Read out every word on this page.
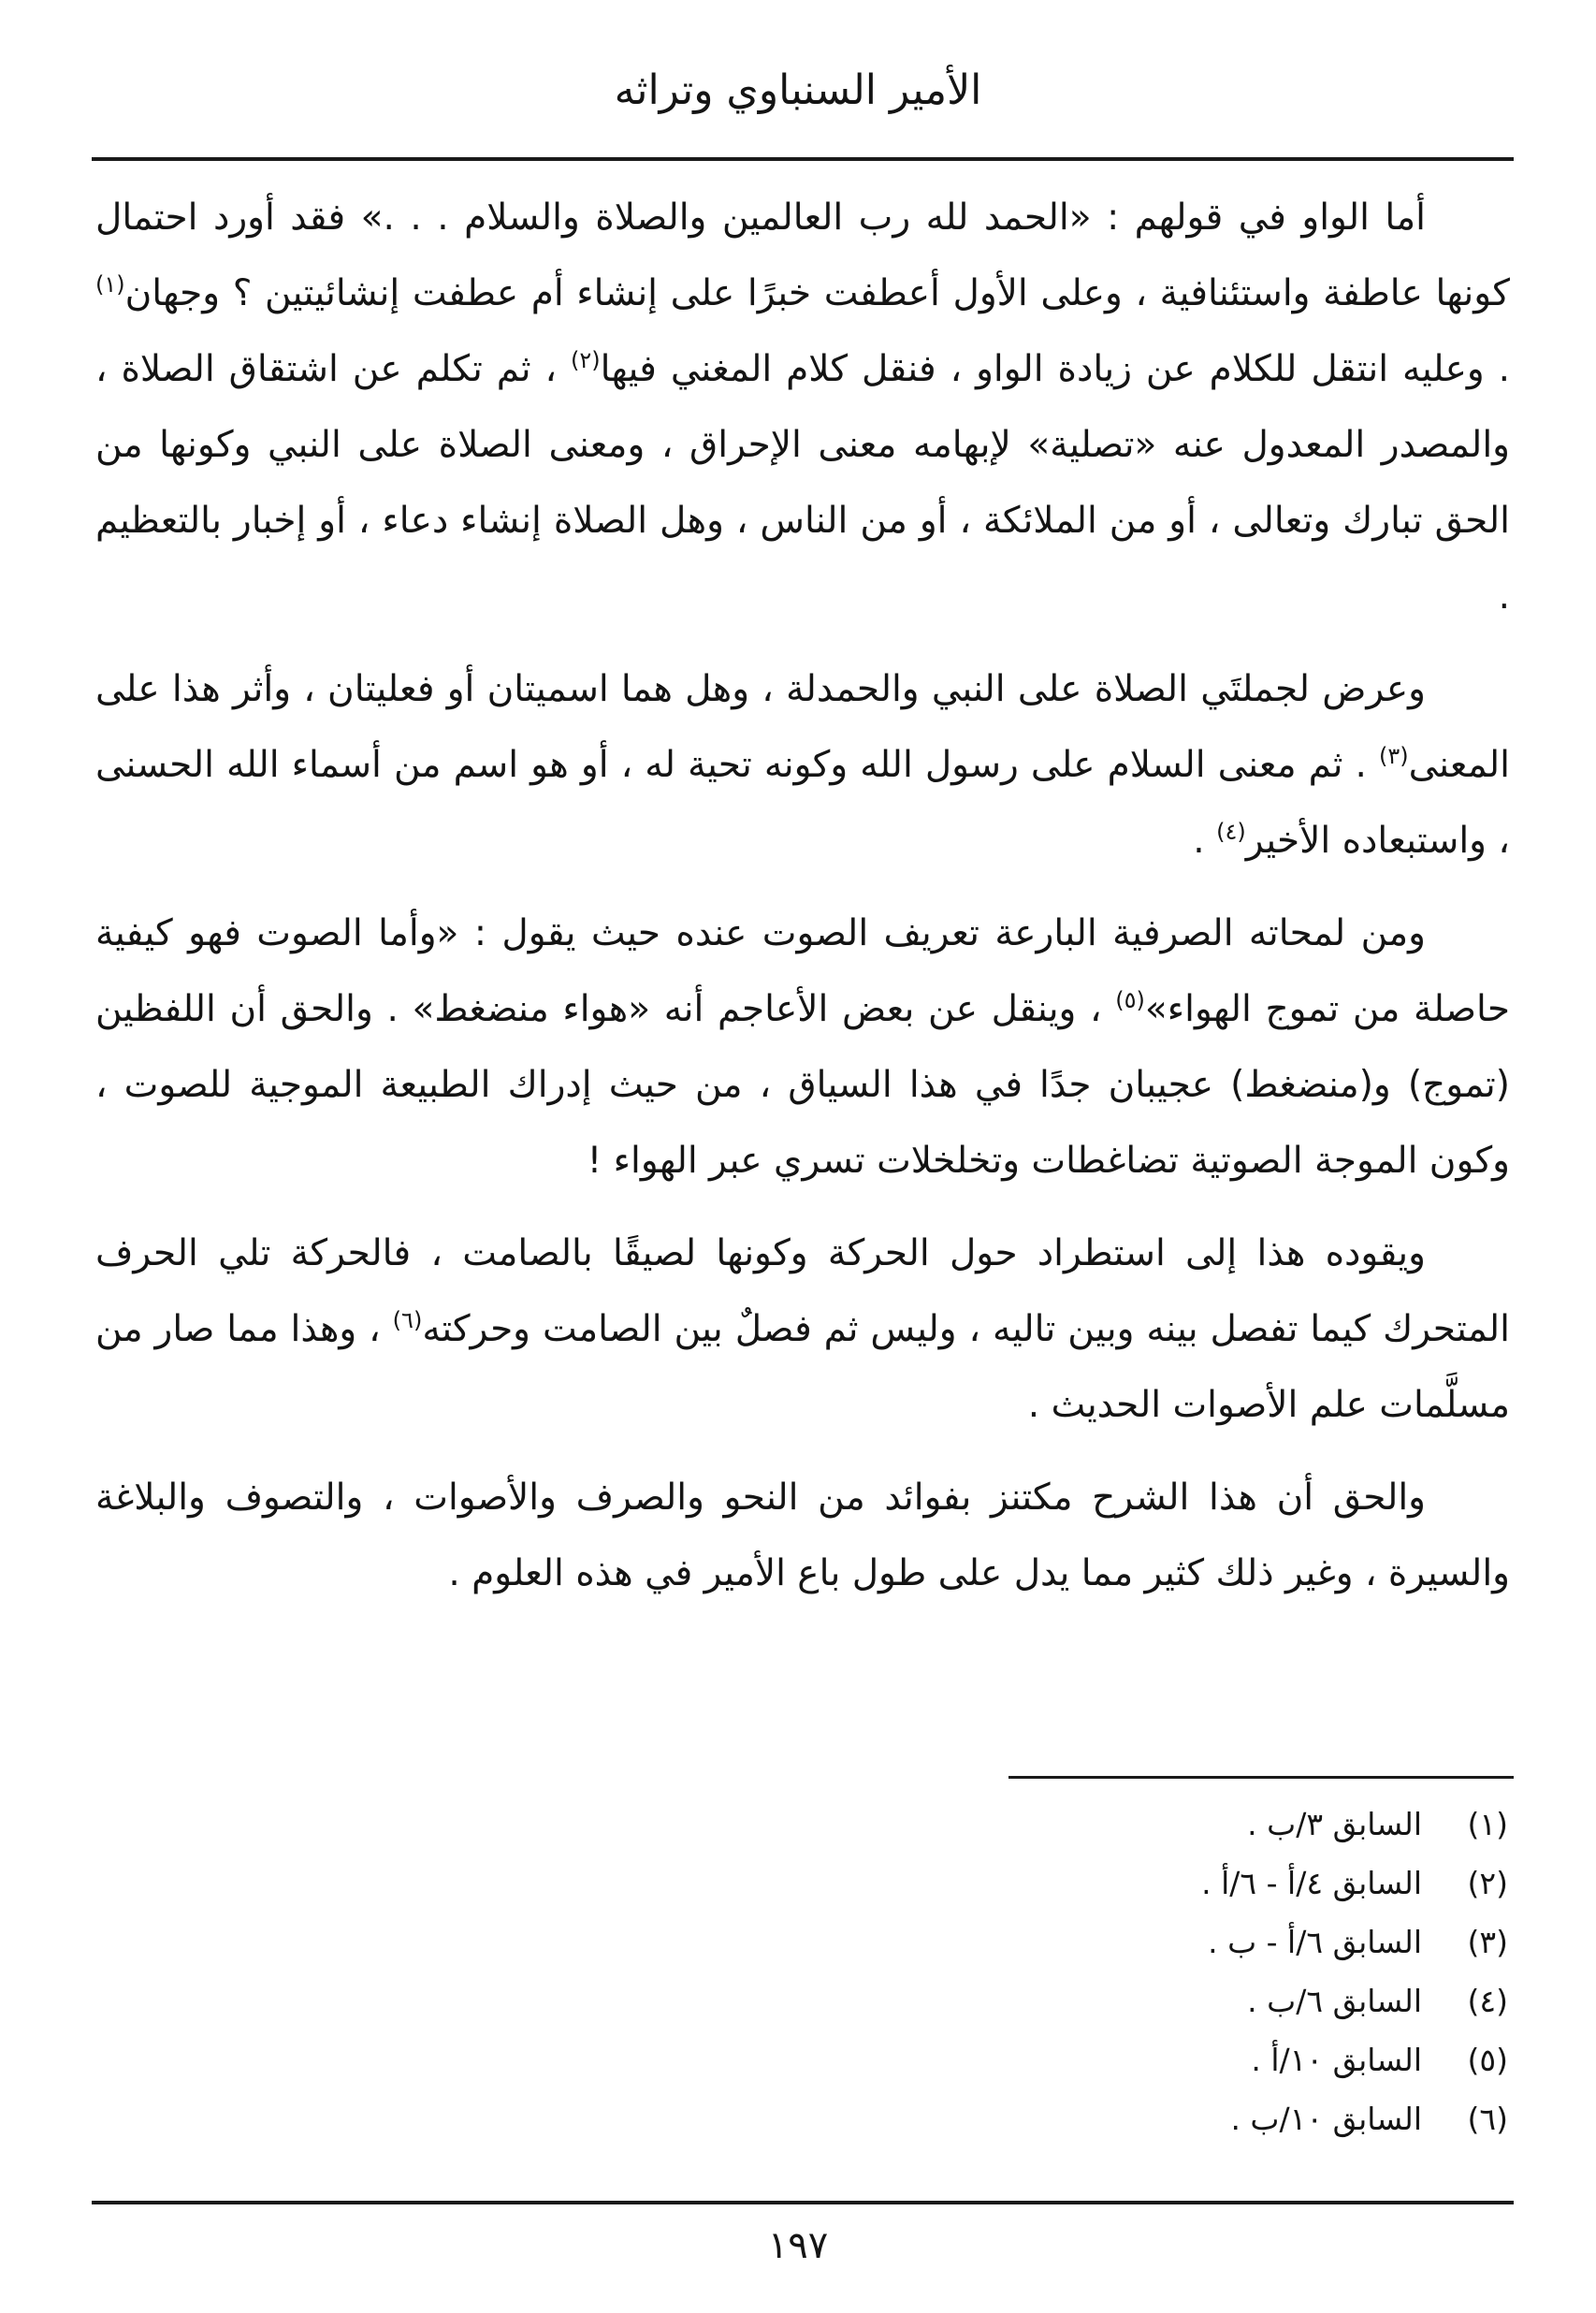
الأمير السنباوي وتراثه

أما الواو في قولهم : «الحمد لله رب العالمين والصلاة والسلام . . .» فقد أورد احتمال كونها عاطفة واستئنافية ، وعلى الأول أعطفت خبرًا على إنشاء أم عطفت إنشائيتين ؟ وجهان$^{(١)}$ . وعليه انتقل للكلام عن زيادة الواو ، فنقل كلام المغني فيها$^{(٢)}$ ، ثم تكلم عن اشتقاق الصلاة ، والمصدر المعدول عنه «تصلية» لإبهامه معنى الإحراق ، ومعنى الصلاة على النبي وكونها من الحق تبارك وتعالى ، أو من الملائكة ، أو من الناس ، وهل الصلاة إنشاء دعاء ، أو إخبار بالتعظيم .

وعرض لجملتَي الصلاة على النبي والحمدلة ، وهل هما اسميتان أو فعليتان ، وأثر هذا على المعنى$^{(٣)}$ . ثم معنى السلام على رسول الله وكونه تحية له ، أو هو اسم من أسماء الله الحسنى ، واستبعاده الأخير$^{(٤)}$ .

ومن لمحاته الصرفية البارعة تعريف الصوت عنده حيث يقول : «وأما الصوت فهو كيفية حاصلة من تموج الهواء»$^{(٥)}$ ، وينقل عن بعض الأعاجم أنه «هواء منضغط» . والحق أن اللفظين (تموج) و(منضغط) عجيبان جدًا في هذا السياق ، من حيث إدراك الطبيعة الموجية للصوت ، وكون الموجة الصوتية تضاغطات وتخلخلات تسري عبر الهواء !

ويقوده هذا إلى استطراد حول الحركة وكونها لصيقًا بالصامت ، فالحركة تلي الحرف المتحرك كيما تفصل بينه وبين تاليه ، وليس ثم فصلٌ بين الصامت وحركته$^{(٦)}$ ، وهذا مما صار من مسلَّمات علم الأصوات الحديث .

والحق أن هذا الشرح مكتنز بفوائد من النحو والصرف والأصوات ، والتصوف والبلاغة والسيرة ، وغير ذلك كثير مما يدل على طول باع الأمير في هذه العلوم .

(١)
السابق ٣/ب .
(٢)
السابق ٤/أ - ٦/أ .
(٣)
السابق ٦/أ - ب .
(٤)
السابق ٦/ب .
(٥)
السابق ١٠/أ .
(٦)
السابق ١٠/ب .
١٩٧
